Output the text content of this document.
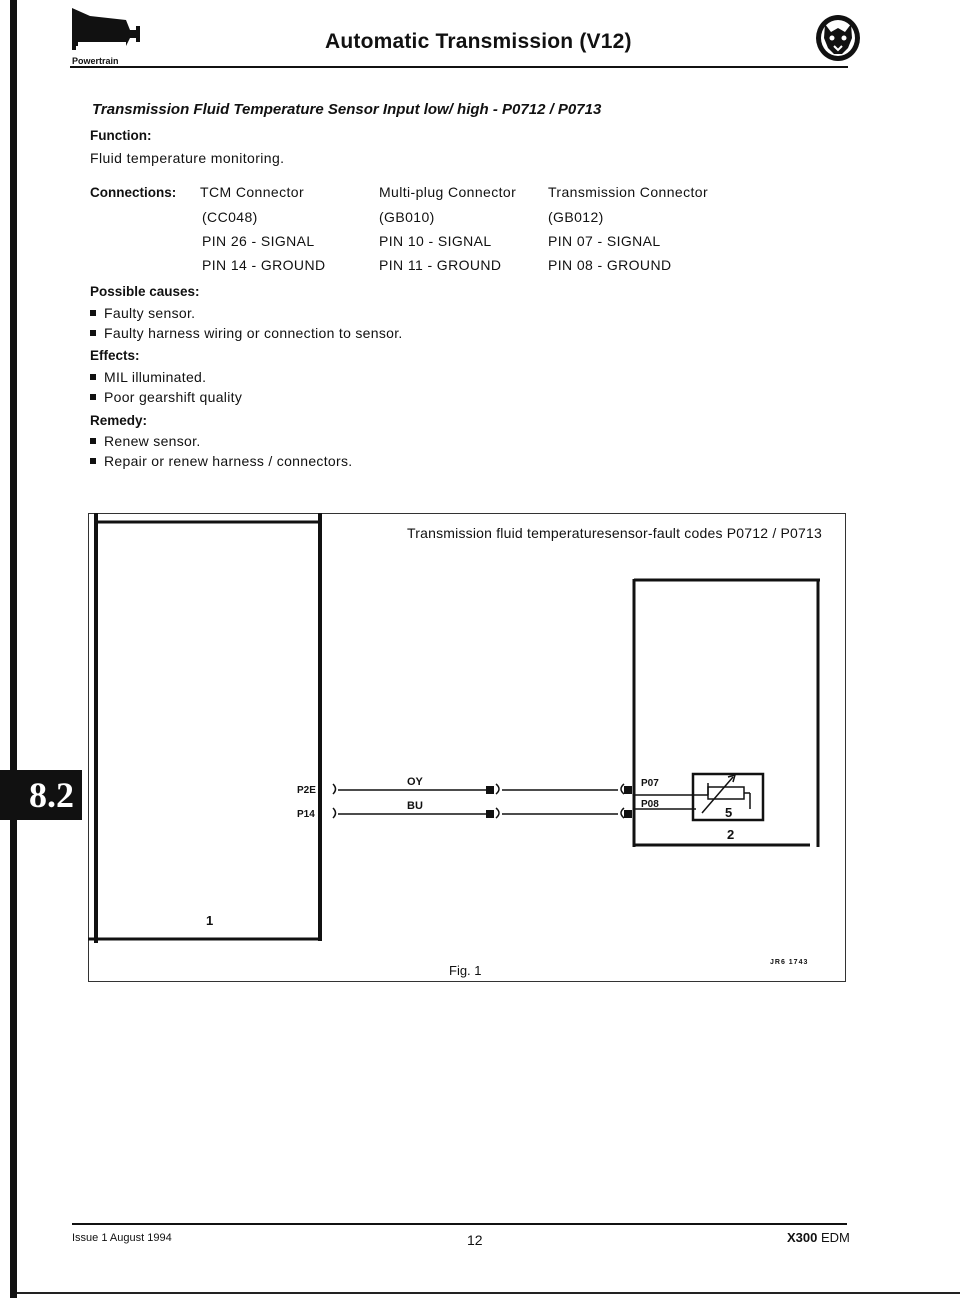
Automatic Transmission (V12)
Powertrain
8.2
Transmission Fluid Temperature Sensor Input low/ high - P0712 / P0713
Function:
Fluid temperature monitoring.
Connections: TCM Connector
(CC048)
PIN 26 - SIGNAL
PIN 14 - GROUND
Multi-plug Connector
(GB010)
PIN 10 - SIGNAL
PIN 11 - GROUND
Transmission Connector
(GB012)
PIN 07 - SIGNAL
PIN 08 - GROUND
Possible causes:
Faulty sensor.
Faulty harness wiring or connection to sensor.
Effects:
MIL illuminated.
Poor gearshift quality
Remedy:
Renew sensor.
Repair or renew harness / connectors.
Transmission fluid temperaturesensor-fault codes P0712 / P0713
P2E
P14
OY
BU
P07
P08
5
2
1
JR6 1743
Fig. 1
Issue 1 August 1994	12	X300 EDM
